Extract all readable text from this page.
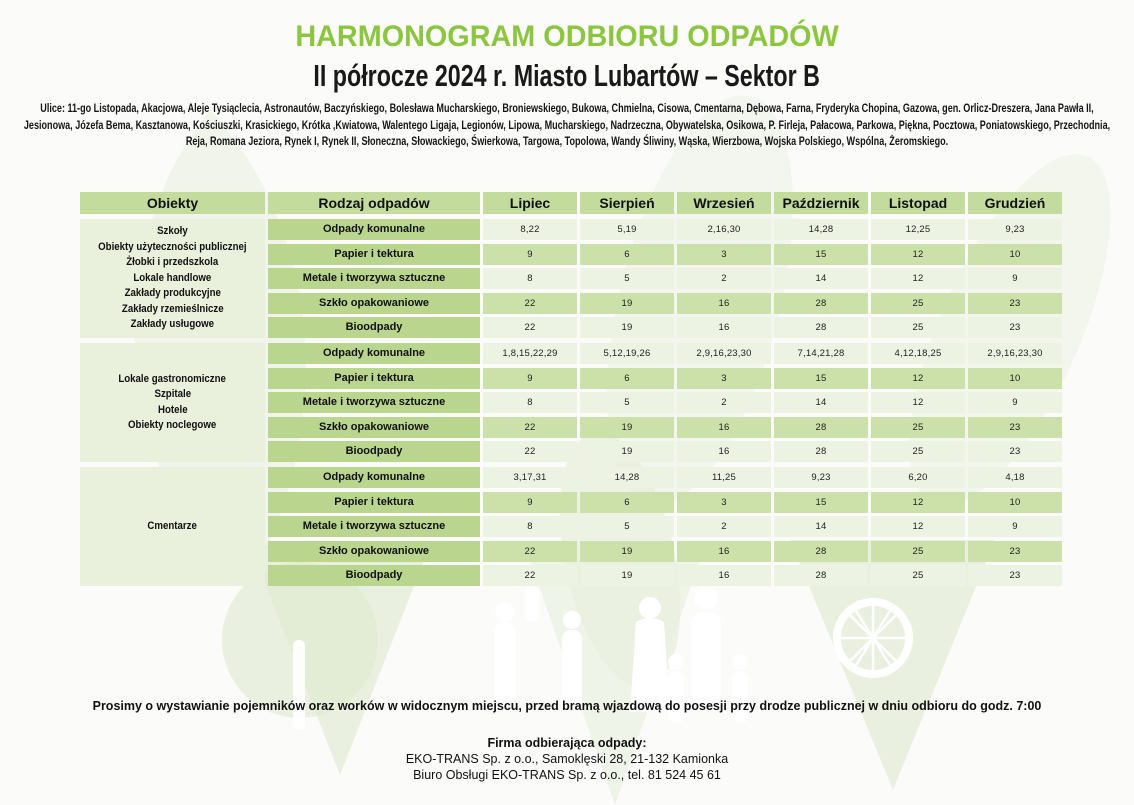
HARMONOGRAM ODBIORU ODPADÓW
II półrocze 2024 r. Miasto Lubartów – Sektor B

Ulice: 11-go Listopada, Akacjowa, Aleje Tysiąclecia, Astronautów, Baczyńskiego, Bolesława Mucharskiego, Broniewskiego, Bukowa, Chmielna, Cisowa, Cmentarna, Dębowa, Farna, Fryderyka Chopina, Gazowa, gen. Orlicz-Dreszera, Jana Pawła II, Jesionowa, Józefa Bema, Kasztanowa, Kościuszki, Krasickiego, Krótka ,Kwiatowa, Walentego Ligaja, Legionów, Lipowa, Mucharskiego, Nadrzeczna, Obywatelska, Osikowa, P. Firleja, Pałacowa, Parkowa, Piękna, Pocztowa, Poniatowskiego, Przechodnia, Reja, Romana Jeziora, Rynek I, Rynek II, Słoneczna, Słowackiego, Świerkowa, Targowa, Topolowa, Wandy Śliwiny, Wąska, Wierzbowa, Wojska Polskiego, Wspólna, Żeromskiego.

Obiekty	Rodzaj odpadów	Lipiec	Sierpień	Wrzesień	Październik	Listopad	Grudzień
Szkoły
Obiekty użyteczności publicznej
Żłobki i przedszkola
Lokale handlowe
Zakłady produkcyjne
Zakłady rzemieślnicze
Zakłady usługowe
Odpady komunalne	8,22	5,19	2,16,30	14,28	12,25	9,23
Papier i tektura	9	6	3	15	12	10
Metale i tworzywa sztuczne	8	5	2	14	12	9
Szkło opakowaniowe	22	19	16	28	25	23
Bioodpady	22	19	16	28	25	23
Lokale gastronomiczne
Szpitale
Hotele
Obiekty noclegowe
Odpady komunalne	1,8,15,22,29	5,12,19,26	2,9,16,23,30	7,14,21,28	4,12,18,25	2,9,16,23,30
Papier i tektura	9	6	3	15	12	10
Metale i tworzywa sztuczne	8	5	2	14	12	9
Szkło opakowaniowe	22	19	16	28	25	23
Bioodpady	22	19	16	28	25	23
Cmentarze
Odpady komunalne	3,17,31	14,28	11,25	9,23	6,20	4,18
Papier i tektura	9	6	3	15	12	10
Metale i tworzywa sztuczne	8	5	2	14	12	9
Szkło opakowaniowe	22	19	16	28	25	23
Bioodpady	22	19	16	28	25	23

Prosimy o wystawianie pojemników oraz worków w widocznym miejscu, przed bramą wjazdową do posesji przy drodze publicznej w dniu odbioru do godz. 7:00

Firma odbierająca odpady:

EKO-TRANS Sp. z o.o., Samoklęski 28, 21-132 Kamionka

Biuro Obsługi EKO-TRANS Sp. z o.o., tel. 81 524 45 61
